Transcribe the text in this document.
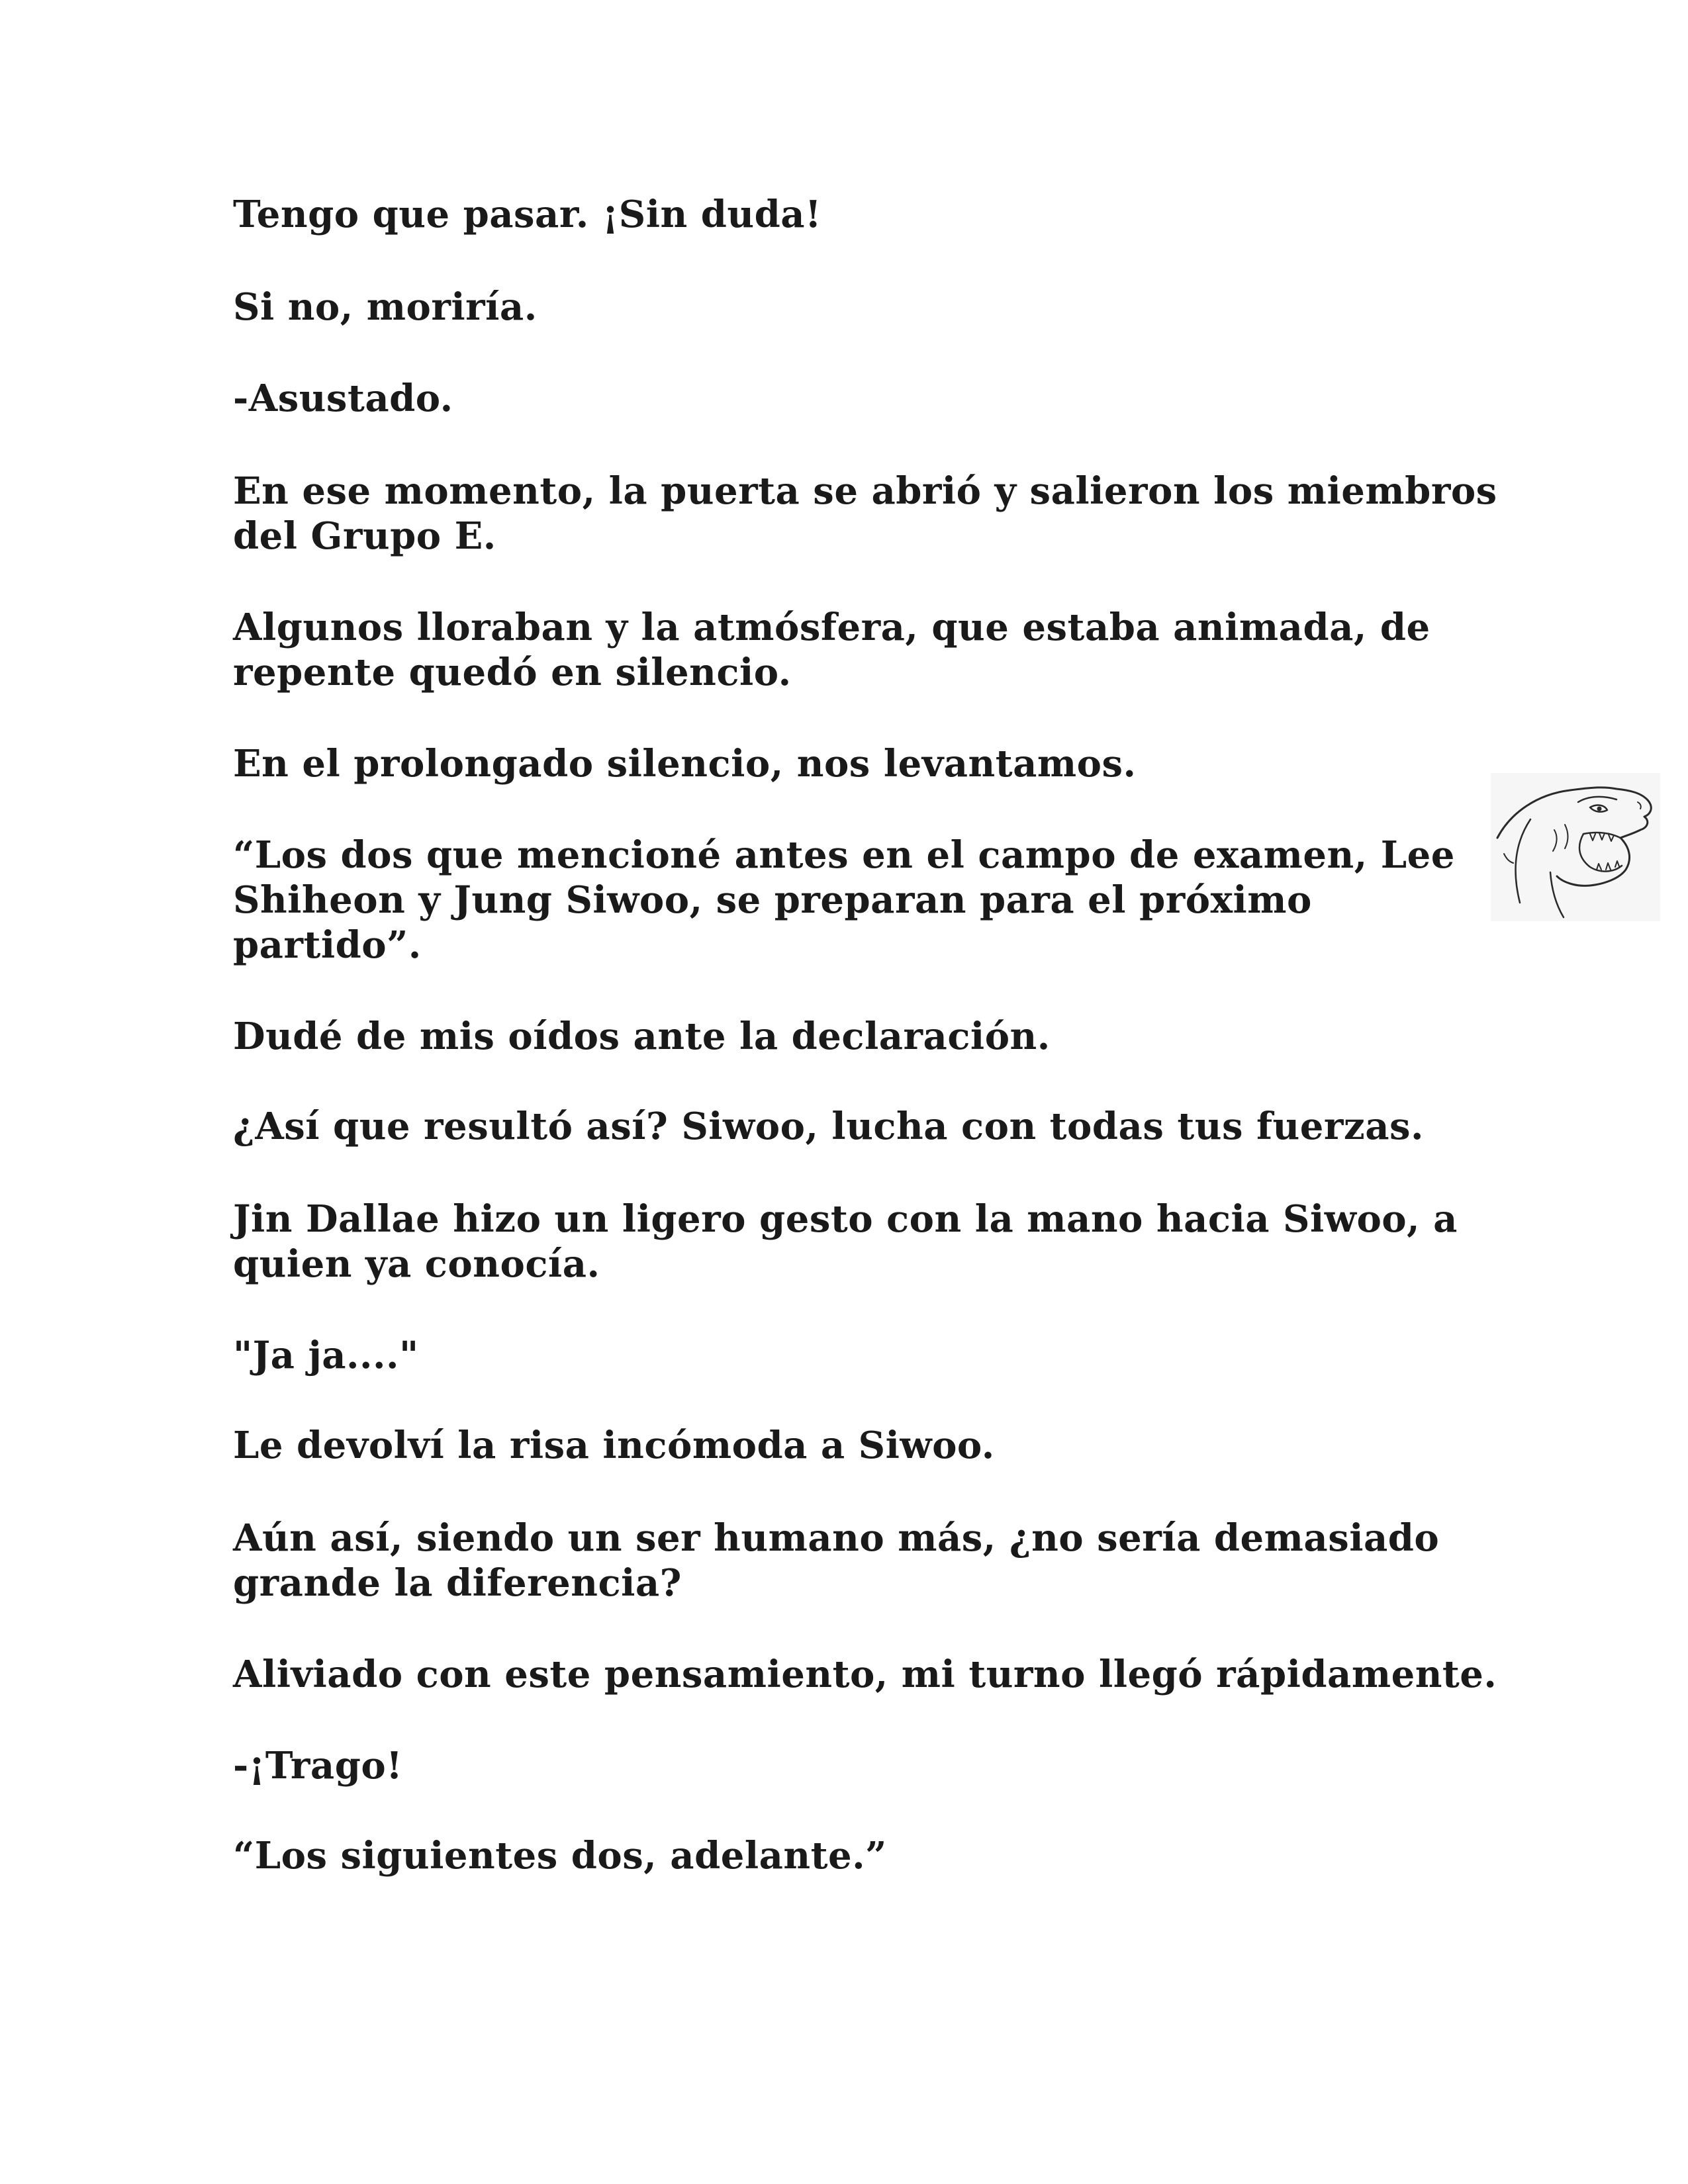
Tengo que pasar. ¡Sin duda!

Si no, moriría.

-Asustado.

En ese momento, la puerta se abrió y salieron los miembros
del Grupo E.

Algunos lloraban y la atmósfera, que estaba animada, de
repente quedó en silencio.

En el prolongado silencio, nos levantamos.

“Los dos que mencioné antes en el campo de examen, Lee
Shiheon y Jung Siwoo, se preparan para el próximo
partido”.

Dudé de mis oídos ante la declaración.

¿Así que resultó así? Siwoo, lucha con todas tus fuerzas.

Jin Dallae hizo un ligero gesto con la mano hacia Siwoo, a
quien ya conocía.

"Ja ja...."

Le devolví la risa incómoda a Siwoo.

Aún así, siendo un ser humano más, ¿no sería demasiado
grande la diferencia?

Aliviado con este pensamiento, mi turno llegó rápidamente.

-¡Trago!

“Los siguientes dos, adelante.”
